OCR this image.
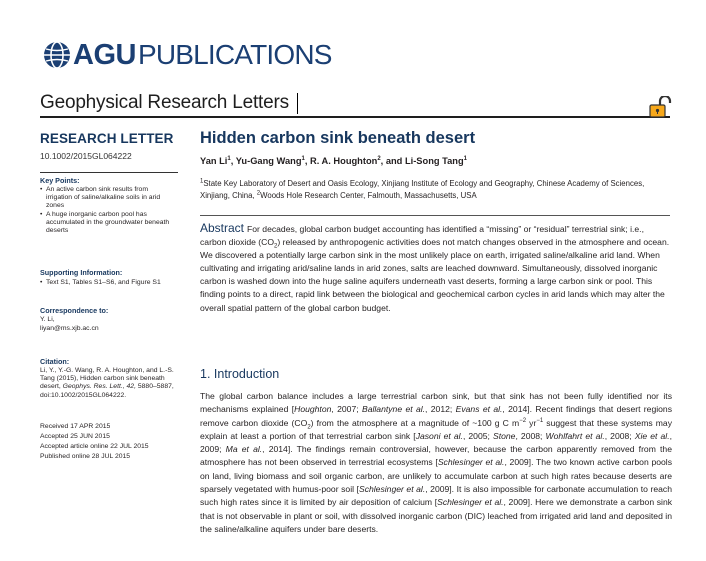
AGU PUBLICATIONS
Geophysical Research Letters
RESEARCH LETTER
10.1002/2015GL064222
Key Points:
• An active carbon sink results from irrigation of saline/alkaline soils in arid zones
• A huge inorganic carbon pool has accumulated in the groundwater beneath deserts
Supporting Information:
• Text S1, Tables S1–S6, and Figure S1
Correspondence to:
Y. Li,
liyan@ms.xjb.ac.cn
Citation:
Li, Y., Y.-G. Wang, R. A. Houghton, and L.-S. Tang (2015), Hidden carbon sink beneath desert, Geophys. Res. Lett., 42, 5880–5887, doi:10.1002/2015GL064222.
Received 17 APR 2015
Accepted 25 JUN 2015
Accepted article online 22 JUL 2015
Published online 28 JUL 2015
Hidden carbon sink beneath desert
Yan Li$^1$, Yu-Gang Wang$^1$, R. A. Houghton$^2$, and Li-Song Tang$^1$
$^1$State Key Laboratory of Desert and Oasis Ecology, Xinjiang Institute of Ecology and Geography, Chinese Academy of Sciences, Xinjiang, China, $^2$Woods Hole Research Center, Falmouth, Massachusetts, USA
Abstract For decades, global carbon budget accounting has identified a “missing” or “residual” terrestrial sink; i.e., carbon dioxide $(CO_2)$ released by anthropogenic activities does not match changes observed in the atmosphere and ocean. We discovered a potentially large carbon sink in the most unlikely place on earth, irrigated saline/alkaline arid land. When cultivating and irrigating arid/saline lands in arid zones, salts are leached downward. Simultaneously, dissolved inorganic carbon is washed down into the huge saline aquifers underneath vast deserts, forming a large carbon sink or pool. This finding points to a direct, rapid link between the biological and geochemical carbon cycles in arid lands which may alter the overall spatial pattern of the global carbon budget.
1. Introduction

The global carbon balance includes a large terrestrial carbon sink, but that sink has not been fully identified nor its mechanisms explained [Houghton, 2007; Ballantyne et al., 2012; Evans et al., 2014]. Recent findings that desert regions remove carbon dioxide $(CO_2)$ from the atmosphere at a magnitude of ~100 g C $m^{-2}$ $yr^{-1}$ suggest that these systems may explain at least a portion of that terrestrial carbon sink [Jasoni et al., 2005; Stone, 2008; Wohlfahrt et al., 2008; Xie et al., 2009; Ma et al., 2014]. The findings remain controversial, however, because the carbon apparently removed from the atmosphere has not been observed in terrestrial ecosystems [Schlesinger et al., 2009]. The two known active carbon pools on land, living biomass and soil organic carbon, are unlikely to accumulate carbon at such high rates because deserts are sparsely vegetated with humus-poor soil [Schlesinger et al., 2009]. It is also impossible for carbonate accumulation to reach such high rates since it is limited by air deposition of calcium [Schlesinger et al., 2009]. Here we demonstrate a carbon sink that is not observable in plant or soil, with dissolved inorganic carbon (DIC) leached from irrigated arid land and deposited in the saline/alkaline aquifers under bare deserts.
